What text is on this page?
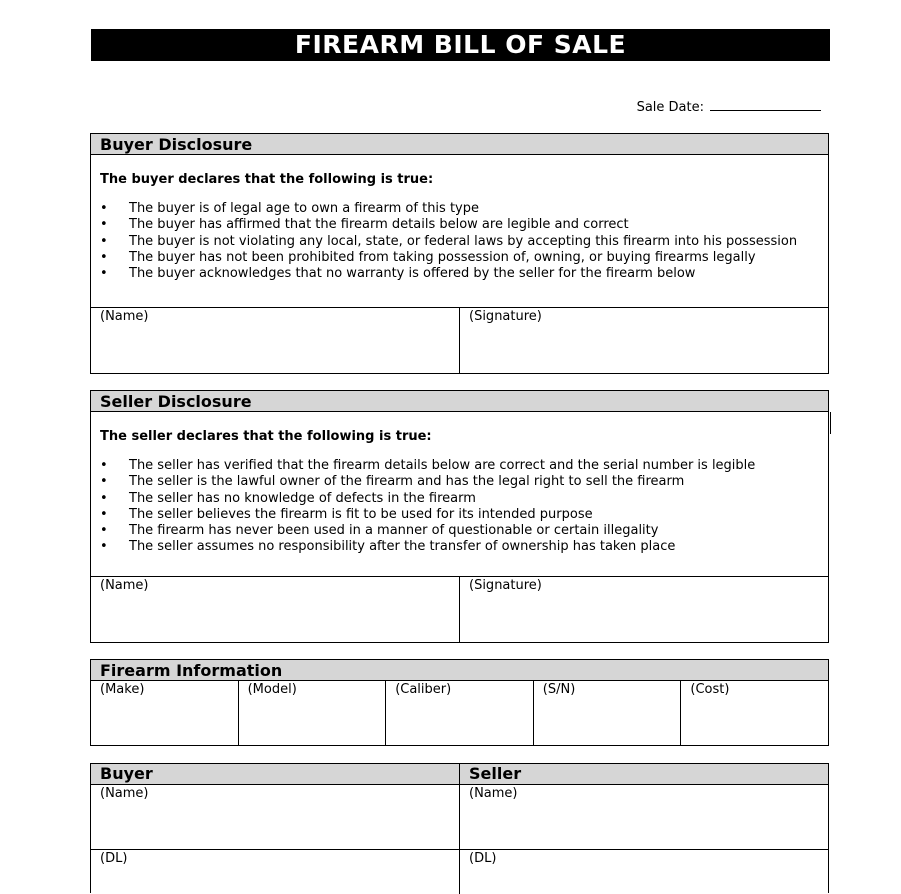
FIREARM BILL OF SALE
Sale Date:
Buyer Disclosure
The buyer declares that the following is true:
• The buyer is of legal age to own a firearm of this type
• The buyer has affirmed that the firearm details below are legible and correct
• The buyer is not violating any local, state, or federal laws by accepting this firearm into his possession
• The buyer has not been prohibited from taking possession of, owning, or buying firearms legally
• The buyer acknowledges that no warranty is offered by the seller for the firearm below
(Name)	(Signature)
Seller Disclosure
The seller declares that the following is true:
• The seller has verified that the firearm details below are correct and the serial number is legible
• The seller is the lawful owner of the firearm and has the legal right to sell the firearm
• The seller has no knowledge of defects in the firearm
• The seller believes the firearm is fit to be used for its intended purpose
• The firearm has never been used in a manner of questionable or certain illegality
• The seller assumes no responsibility after the transfer of ownership has taken place
(Name)	(Signature)
Firearm Information
(Make)	(Model)	(Caliber)	(S/N)	(Cost)
Buyer	Seller
(Name)	(Name)
(DL)	(DL)
